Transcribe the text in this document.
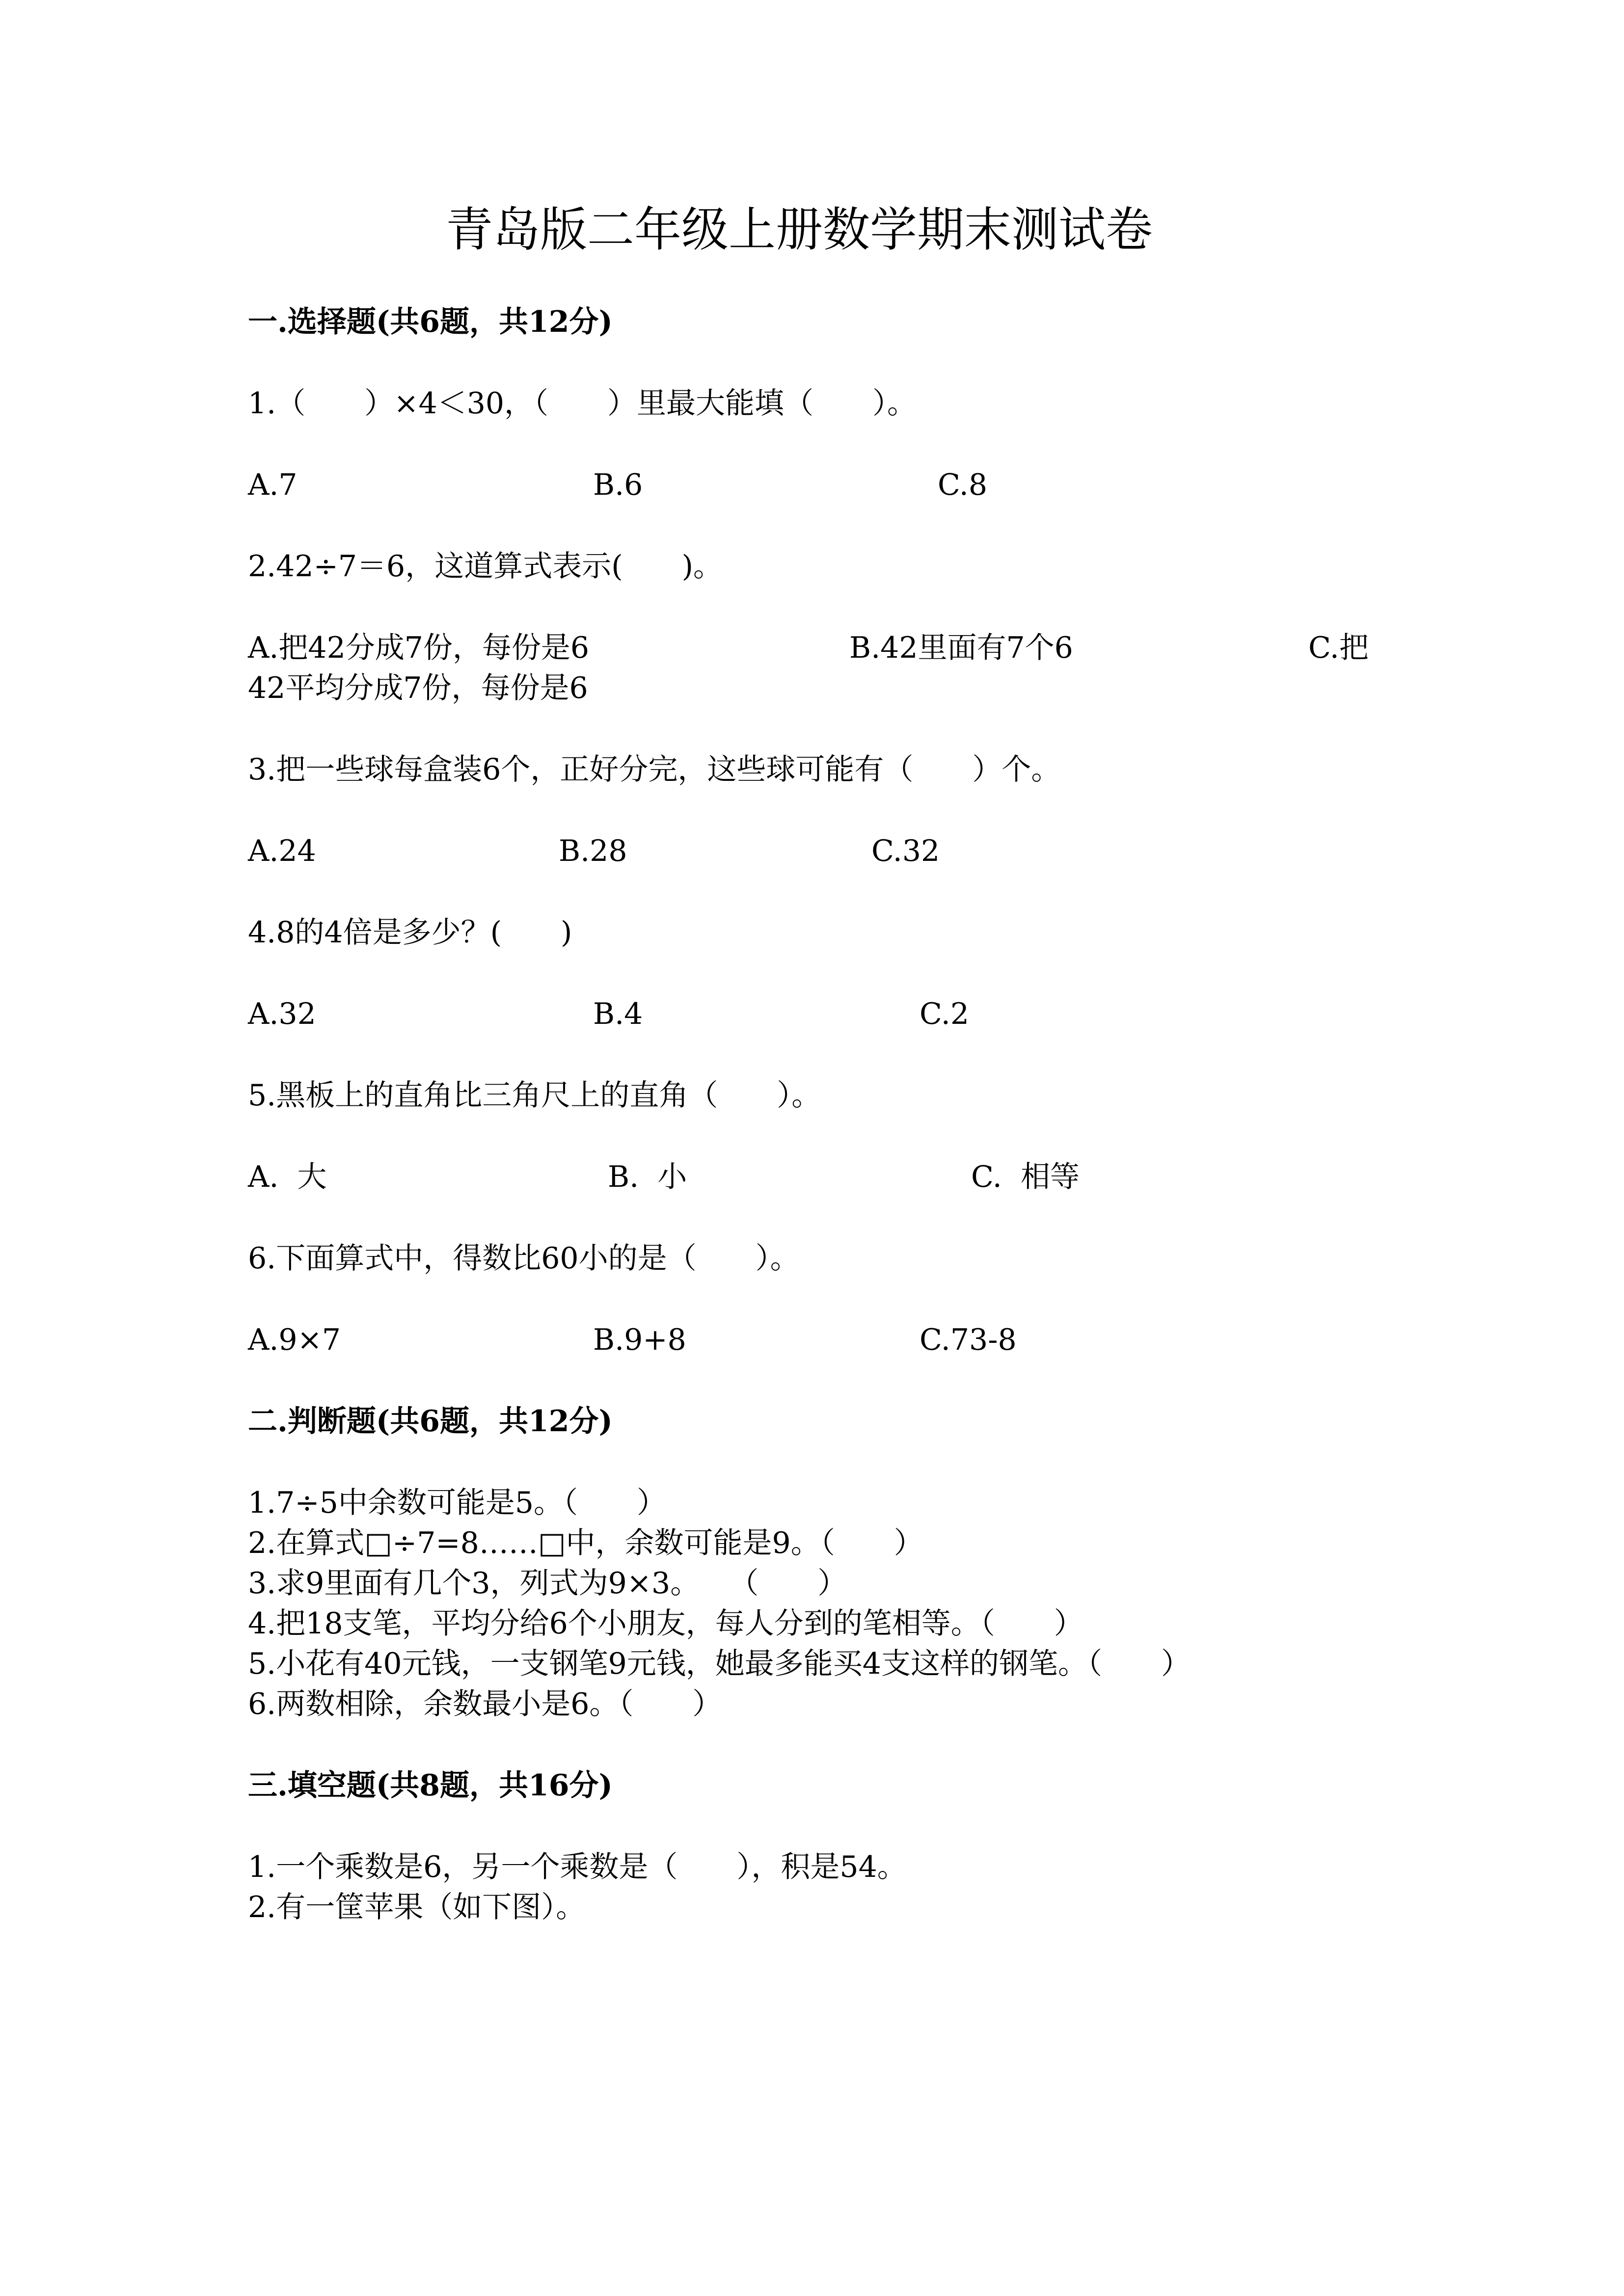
青岛版二年级上册数学期末测试卷
一.选择题(共6题，共12分)
1.（　　）×4＜30，（　　）里最大能填（　　）。
A.7	B.6	C.8
2.42÷7＝6，这道算式表示(　　)。
A.把42分成7份，每份是6	B.42里面有7个6	C.把
42平均分成7份，每份是6
3.把一些球每盒装6个，正好分完，这些球可能有（　　）个。
A.24	B.28	C.32
4.8的4倍是多少？(　　)
A.32	B.4	C.2
5.黑板上的直角比三角尺上的直角（　　）。
A.  大	B.  小	C.  相等
6.下面算式中，得数比60小的是（　　）。
A.9×7	B.9+8	C.73-8
二.判断题(共6题，共12分)
1.7÷5中余数可能是5。（　　）
2.在算式□÷7=8……□中，余数可能是9。（　　）
3.求9里面有几个3，列式为9×3。　　（　　）
4.把18支笔，平均分给6个小朋友，每人分到的笔相等。（　　）
5.小花有40元钱，一支钢笔9元钱，她最多能买4支这样的钢笔。（　　）
6.两数相除，余数最小是6。（　　）
三.填空题(共8题，共16分)
1.一个乘数是6，另一个乘数是（　　），积是54。
2.有一筐苹果（如下图）。
